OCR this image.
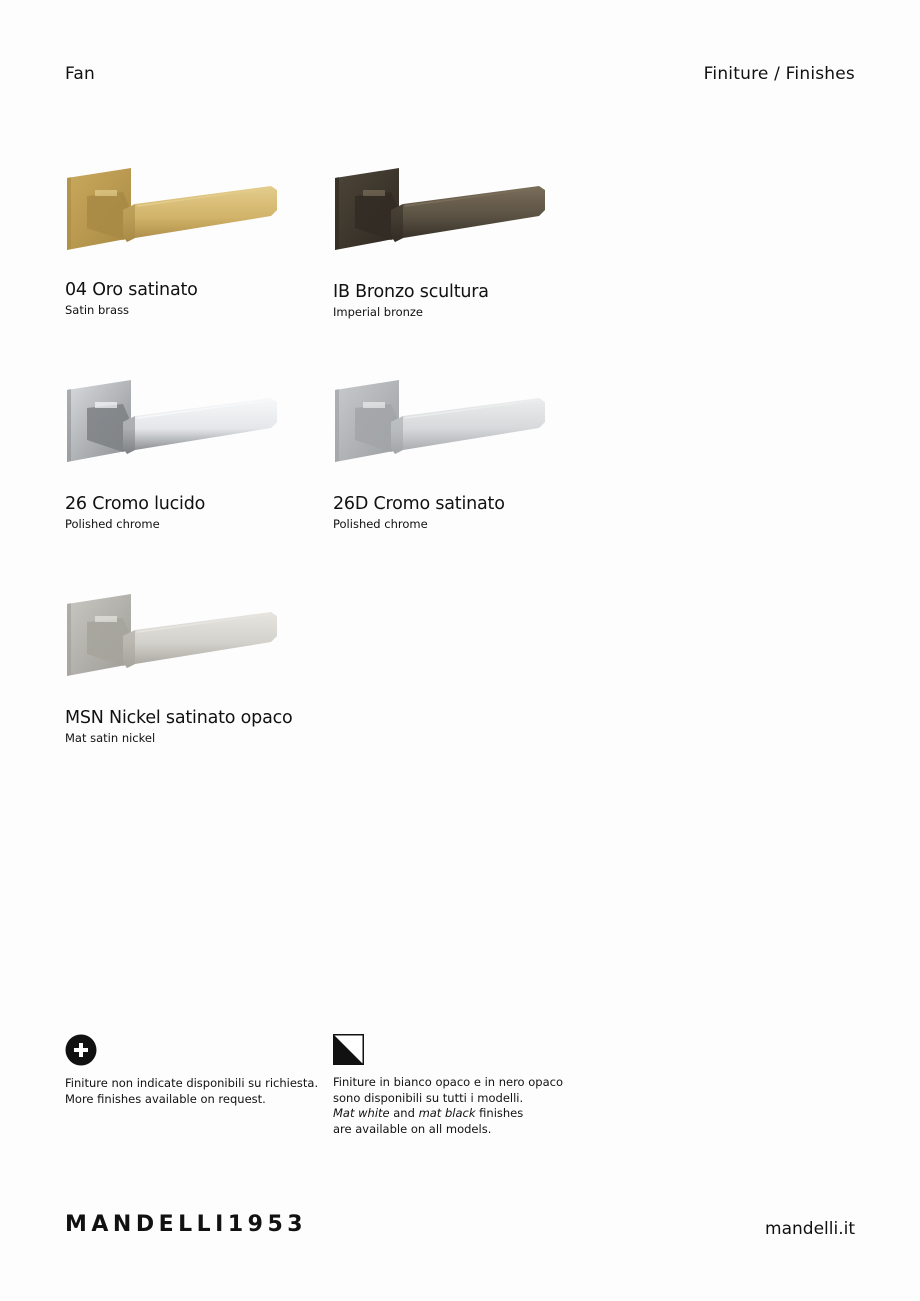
Fan	Finiture / Finishes
04 Oro satinato
Satin brass
IB Bronzo scultura
Imperial bronze
26 Cromo lucido
Polished chrome
26D Cromo satinato
Polished chrome
MSN Nickel satinato opaco
Mat satin nickel
Finiture non indicate disponibili su richiesta.
More finishes available on request.
Finiture in bianco opaco e in nero opaco
sono disponibili su tutti i modelli.
Mat white and mat black finishes
are available on all models.
MANDELLI1953	mandelli.it
